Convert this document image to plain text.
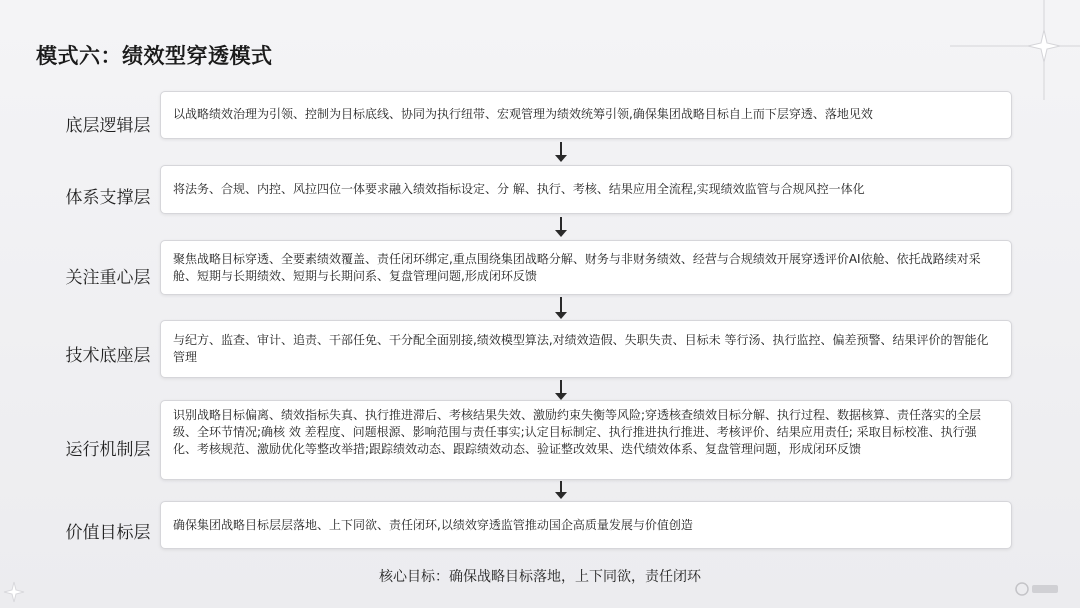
模式六：绩效型穿透模式
底层逻辑层
以战略绩效治理为引领、控制为目标底线、协同为执行纽带、宏观管理为绩效统筹引领,确保集团战略目标自上而下层穿透、落地见效
体系支撑层	将法务、合规、内控、风拉四位一体要求融入绩效指标设定、分 解、执行、考核、结果应用全流程,实现绩效监管与合规风控一体化
关注重心层
聚焦战略目标穿透、全要素绩效覆盖、责任闭环绑定,重点围绕集团战略分解、财务与非财务绩效、经营与合规绩效开展穿透评价AI依舱、依托战路续对采舱、短期与长期绩效、短期与长期问系、复盘管理问题,形成闭环反馈
技术底座层
与纪方、监查、审计、追责、干部任免、干分配全面别接,绩效模型算法,对绩效造假、失职失责、目标未 等行汤、执行监控、偏差预警、结果评价的智能化管理
运行机制层
识别战略目标偏离、绩效指标失真、执行推进滞后、考核结果失效、激励约束失衡等风险;穿透核查绩效目标分解、执行过程、数据核算、责任落实的全层级、全环节情况;确核 效 差程度、问题根源、影响范围与责任事实;认定目标制定、执行推进执行推进、考核评价、结果应用责任; 采取目标校准、执行强化、考核规范、激励优化等整改举措;跟踪绩效动态、跟踪绩效动态、验证整改效果、迭代绩效体系、复盘管理问题，形成闭环反馈
价值目标层	确保集团战略目标层层落地、上下同欲、责任闭环,以绩效穿透监管推动国企高质量发展与价值创造
核心目标：确保战略目标落地，上下同欲，责任闭环
